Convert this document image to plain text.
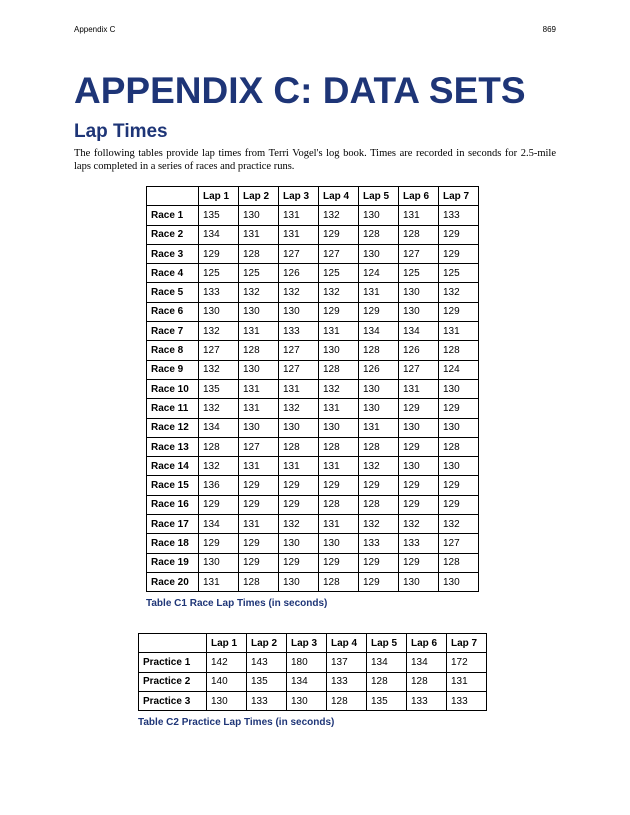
Appendix C	869
APPENDIX C: DATA SETS
Lap Times

The following tables provide lap times from Terri Vogel's log book. Times are recorded in seconds for 2.5-mile laps completed in a series of races and practice runs.

	Lap 1	Lap 2	Lap 3	Lap 4	Lap 5	Lap 6	Lap 7
Race 1	135	130	131	132	130	131	133
Race 2	134	131	131	129	128	128	129
Race 3	129	128	127	127	130	127	129
Race 4	125	125	126	125	124	125	125
Race 5	133	132	132	132	131	130	132
Race 6	130	130	130	129	129	130	129
Race 7	132	131	133	131	134	134	131
Race 8	127	128	127	130	128	126	128
Race 9	132	130	127	128	126	127	124
Race 10	135	131	131	132	130	131	130
Race 11	132	131	132	131	130	129	129
Race 12	134	130	130	130	131	130	130
Race 13	128	127	128	128	128	129	128
Race 14	132	131	131	131	132	130	130
Race 15	136	129	129	129	129	129	129
Race 16	129	129	129	128	128	129	129
Race 17	134	131	132	131	132	132	132
Race 18	129	129	130	130	133	133	127
Race 19	130	129	129	129	129	129	128
Race 20	131	128	130	128	129	130	130
Table C1 Race Lap Times (in seconds)
	Lap 1	Lap 2	Lap 3	Lap 4	Lap 5	Lap 6	Lap 7
Practice 1	142	143	180	137	134	134	172
Practice 2	140	135	134	133	128	128	131
Practice 3	130	133	130	128	135	133	133
Table C2 Practice Lap Times (in seconds)
